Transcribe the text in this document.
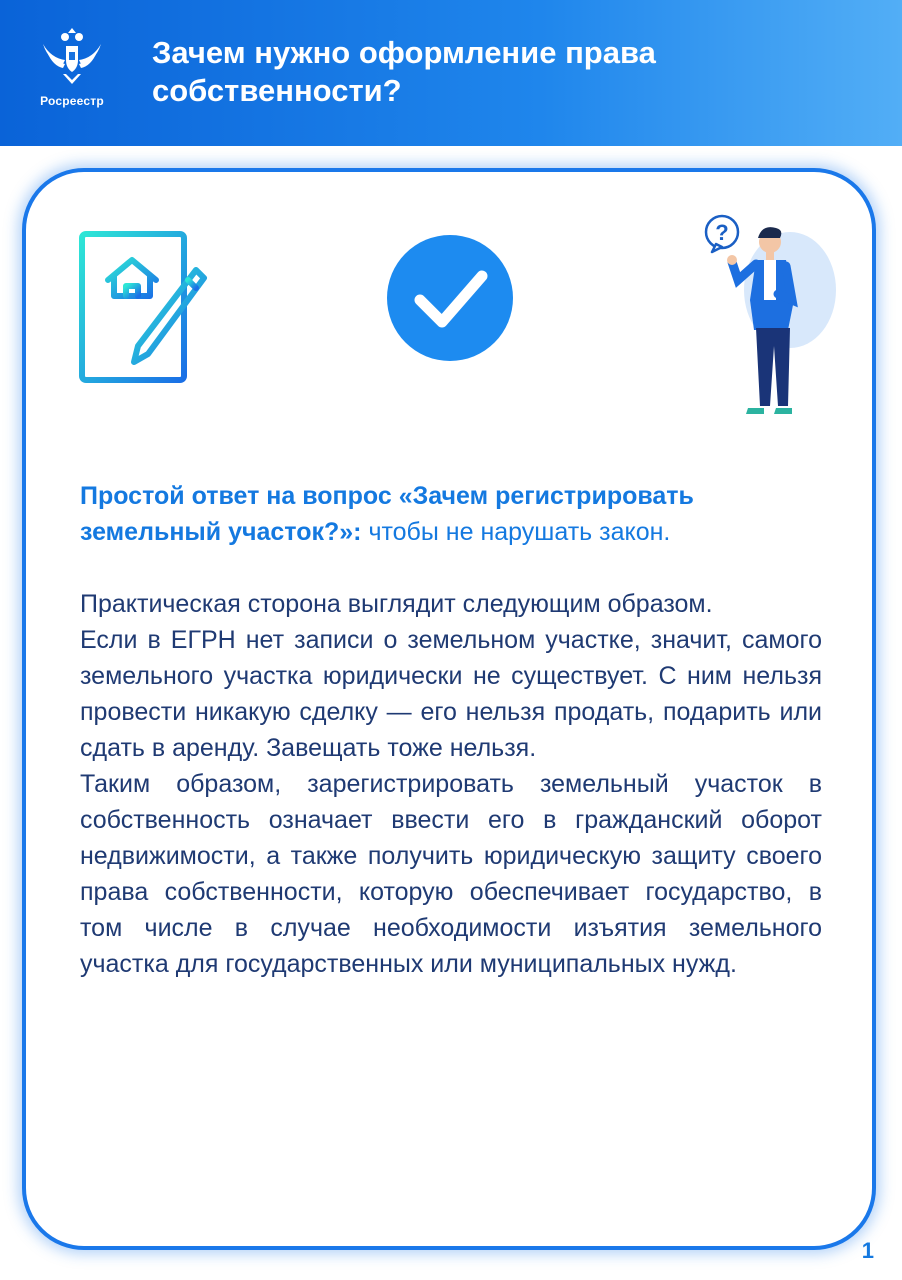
Росреестр
Зачем нужно оформление права собственности?
?

Простой ответ на вопрос «Зачем регистрировать земельный участок?»: чтобы не нарушать закон.

Практическая сторона выглядит следующим образом.

Если в ЕГРН нет записи о земельном участке, значит, самого земельного участка юридически не существует. С ним нельзя провести никакую сделку — его нельзя продать, подарить или сдать в аренду. Завещать тоже нельзя.

Таким образом, зарегистрировать земельный участок в собственность означает ввести его в гражданский оборот недвижимости, а также получить юридическую защиту своего права собственности, которую обеспечивает государство, в том числе в случае необходимости изъятия земельного участка для государственных или муниципальных нужд.

1
